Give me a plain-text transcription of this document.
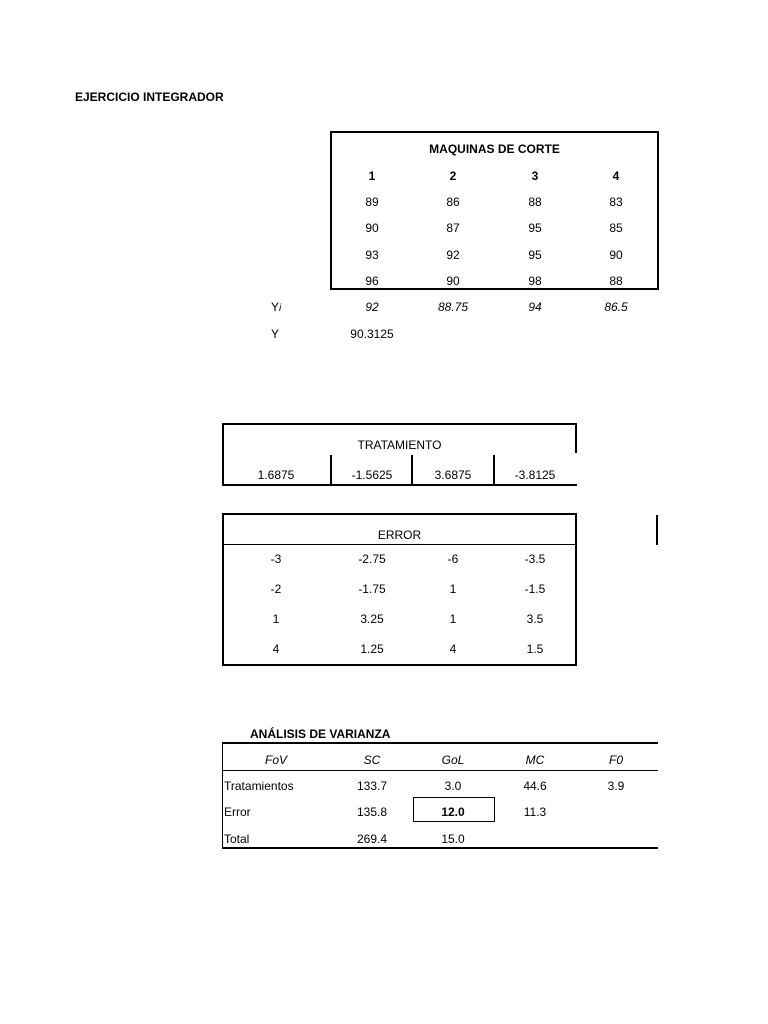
EJERCICIO INTEGRADOR
MAQUINAS DE CORTE
1	2	3	4
89	86	88	83
90	87	95	85
93	92	95	90
96	90	98	88
Yi	92	88.75	94	86.5
Y	90.3125
TRATAMIENTO
1.6875	-1.5625	3.6875	-3.8125
ERROR
-3	-2.75	-6	-3.5
-2	-1.75	1	-1.5
1	3.25	1	3.5
4	1.25	4	1.5
ANÁLISIS DE VARIANZA
FoV	SC	GoL	MC	F0
Tratamientos	133.7	3.0	44.6	3.9
Error	135.8	12.0	11.3
Total	269.4	15.0
